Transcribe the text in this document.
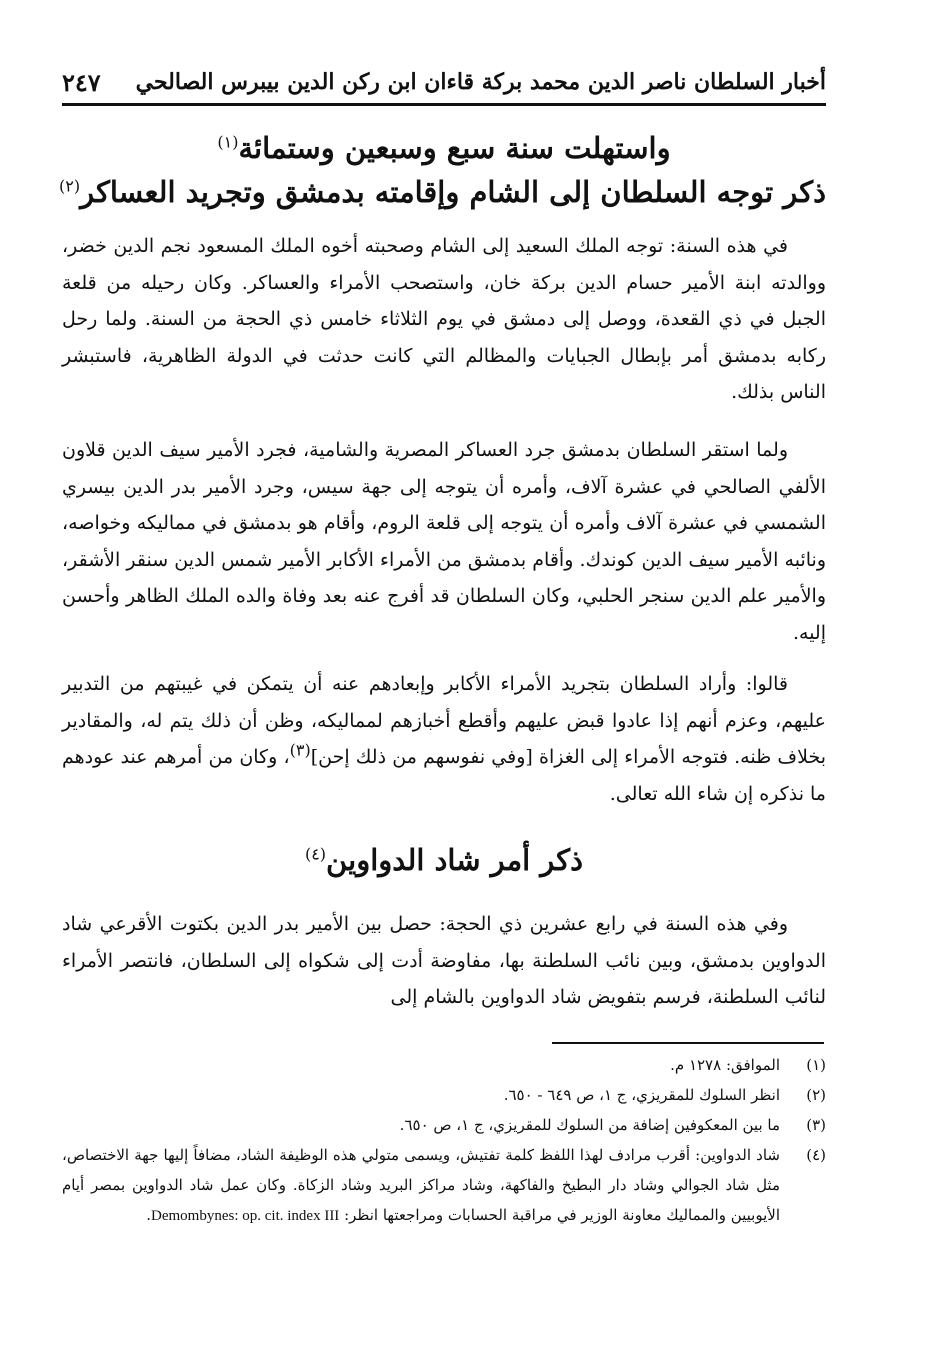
أخبار السلطان ناصر الدين محمد بركة قاءان ابن ركن الدين بيبرس الصالحي
٢٤٧
واستهلت سنة سبع وسبعين وستمائة$^{(١)}$
ذكر توجه السلطان إلى الشام وإقامته بدمشق وتجريد العساكر$^{(٢)}$

في هذه السنة: توجه الملك السعيد إلى الشام وصحبته أخوه الملك المسعود نجم الدين خضر، ووالدته ابنة الأمير حسام الدين بركة خان، واستصحب الأمراء والعساكر. وكان رحيله من قلعة الجبل في ذي القعدة، ووصل إلى دمشق في يوم الثلاثاء خامس ذي الحجة من السنة. ولما رحل ركابه بدمشق أمر بإبطال الجبايات والمظالم التي كانت حدثت في الدولة الظاهرية، فاستبشر الناس بذلك.

ولما استقر السلطان بدمشق جرد العساكر المصرية والشامية، فجرد الأمير سيف الدين قلاون الألفي الصالحي في عشرة آلاف، وأمره أن يتوجه إلى جهة سيس، وجرد الأمير بدر الدين بيسري الشمسي في عشرة آلاف وأمره أن يتوجه إلى قلعة الروم، وأقام هو بدمشق في مماليكه وخواصه، ونائبه الأمير سيف الدين كوندك. وأقام بدمشق من الأمراء الأكابر الأمير شمس الدين سنقر الأشقر، والأمير علم الدين سنجر الحلبي، وكان السلطان قد أفرج عنه بعد وفاة والده الملك الظاهر وأحسن إليه.

قالوا: وأراد السلطان بتجريد الأمراء الأكابر وإبعادهم عنه أن يتمكن في غيبتهم من التدبير عليهم، وعزم أنهم إذا عادوا قبض عليهم وأقطع أخبازهم لمماليكه، وظن أن ذلك يتم له، والمقادير بخلاف ظنه. فتوجه الأمراء إلى الغزاة [وفي نفوسهم من ذلك إحن]$^{(٣)}$، وكان من أمرهم عند عودهم ما نذكره إن شاء الله تعالى.

ذكر أمر شاد الدواوين$^{(٤)}$

وفي هذه السنة في رابع عشرين ذي الحجة: حصل بين الأمير بدر الدين بكتوت الأقرعي شاد الدواوين بدمشق، وبين نائب السلطنة بها، مفاوضة أدت إلى شكواه إلى السلطان، فانتصر الأمراء لنائب السلطنة، فرسم بتفويض شاد الدواوين بالشام إلى

(١)
الموافق: ١٢٧٨ م.
(٢)
انظر السلوك للمقريزي، ج ١، ص ٦٤٩ - ٦٥٠.
(٣)
ما بين المعكوفين إضافة من السلوك للمقريزي، ج ١، ص ٦٥٠.
(٤)
شاد الدواوين: أقرب مرادف لهذا اللفظ كلمة تفتيش، ويسمى متولي هذه الوظيفة الشاد، مضافاً إليها جهة الاختصاص، مثل شاد الجوالي وشاد دار البطيخ والفاكهة، وشاد مراكز البريد وشاد الزكاة. وكان عمل شاد الدواوين بمصر أيام الأيوبيين والمماليك معاونة الوزير في مراقبة الحسابات ومراجعتها انظر: Demombynes: op. cit. index III.
